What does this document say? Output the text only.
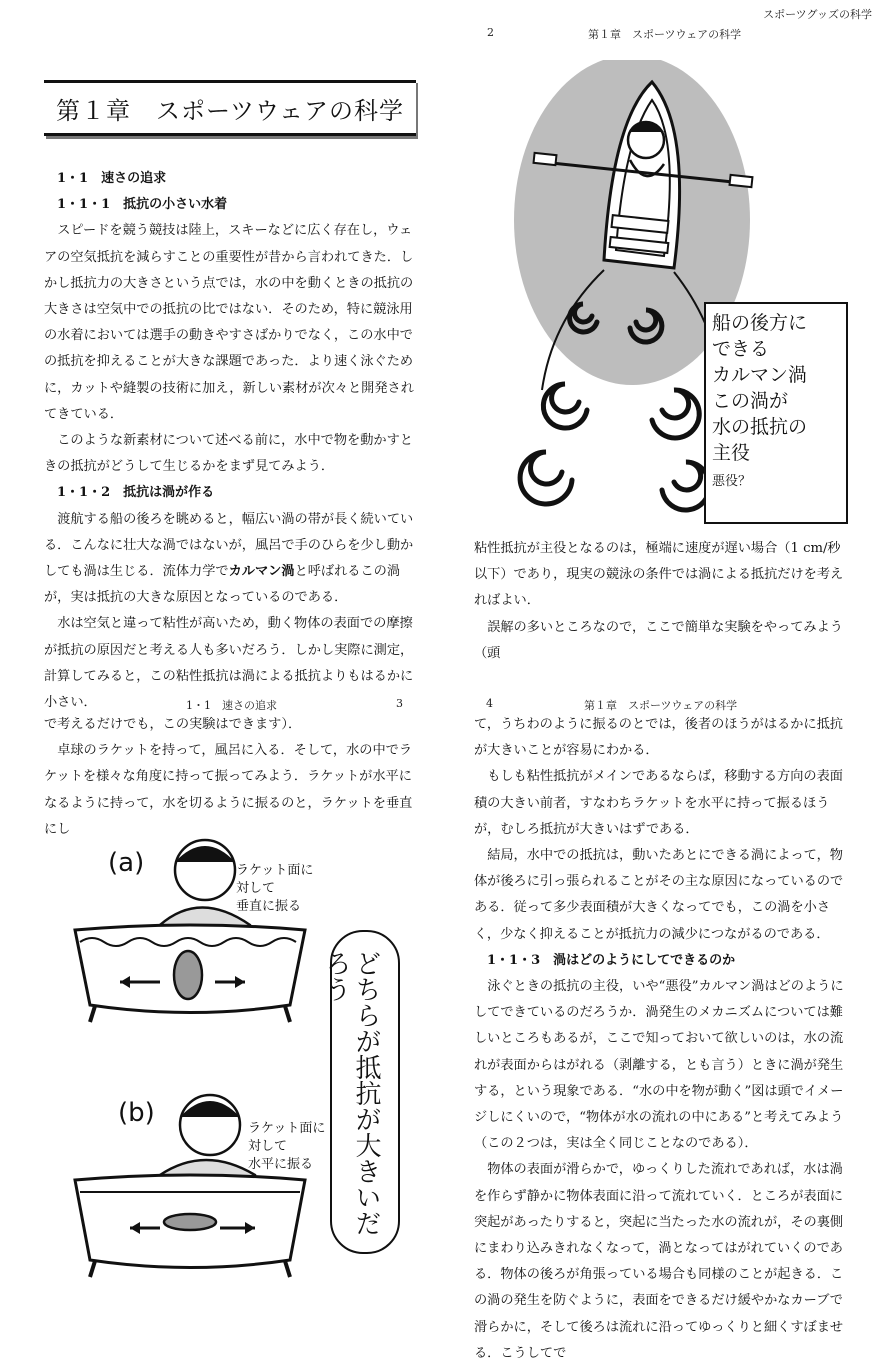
スポーツグッズの科学
第１章　スポーツウェアの科学
1・1　速さの追求
1・1・1　抵抗の小さい水着

スピードを競う競技は陸上，スキーなどに広く存在し，ウェアの空気抵抗を減らすことの重要性が昔から言われてきた．しかし抵抗力の大きさという点では，水の中を動くときの抵抗の大きさは空気中での抵抗の比ではない．そのため，特に競泳用の水着においては選手の動きやすさばかりでなく，この水中での抵抗を抑えることが大きな課題であった．より速く泳ぐために，カットや縫製の技術に加え，新しい素材が次々と開発されてきている．

このような新素材について述べる前に，水中で物を動かすときの抵抗がどうして生じるかをまず見てみよう．

1・1・2　抵抗は渦が作る

渡航する船の後ろを眺めると，幅広い渦の帯が長く続いている．こんなに壮大な渦ではないが，風呂で手のひらを少し動かしても渦は生じる．流体力学でカルマン渦と呼ばれるこの渦が，実は抵抗の大きな原因となっているのである．

水は空気と違って粘性が高いため，動く物体の表面での摩擦が抵抗の原因だと考える人も多いだろう．しかし実際に測定，計算してみると，この粘性抵抗は渦による抵抗よりもはるかに小さい．

2	第１章　スポーツウェアの科学
船の後方に
できる
カルマン渦
この渦が
水の抵抗の
主役
悪役？

粘性抵抗が主役となるのは，極端に速度が遅い場合（1 cm/秒以下）であり，現実の競泳の条件では渦による抵抗だけを考えればよい．

誤解の多いところなので，ここで簡単な実験をやってみよう（頭

1・1　速さの追求	3

で考えるだけでも，この実験はできます）．

卓球のラケットを持って，風呂に入る．そして，水の中でラケットを様々な角度に持って振ってみよう．ラケットが水平になるように持って，水を切るように振るのと，ラケットを垂直にし

(a)	ラケット面に
対して
垂直に振る
(b)
ラケット面に
対して
水平に振る
どちらが抵抗が大きいだろう
4	第１章　スポーツウェアの科学

て，うちわのように振るのとでは，後者のほうがはるかに抵抗が大きいことが容易にわかる．

もしも粘性抵抗がメインであるならば，移動する方向の表面積の大きい前者，すなわちラケットを水平に持って振るほうが，むしろ抵抗が大きいはずである．

結局，水中での抵抗は，動いたあとにできる渦によって，物体が後ろに引っ張られることがその主な原因になっているのである．従って多少表面積が大きくなってでも，この渦を小さく，少なく抑えることが抵抗力の減少につながるのである．

1・1・3　渦はどのようにしてできるのか

泳ぐときの抵抗の主役，いや“悪役”カルマン渦はどのようにしてできているのだろうか．渦発生のメカニズムについては難しいところもあるが，ここで知っておいて欲しいのは，水の流れが表面からはがれる（剥離する，とも言う）ときに渦が発生する，という現象である．“水の中を物が動く”図は頭でイメージしにくいので，“物体が水の流れの中にある”と考えてみよう（この２つは，実は全く同じことなのである）．

物体の表面が滑らかで，ゆっくりした流れであれば，水は渦を作らず静かに物体表面に沿って流れていく．ところが表面に突起があったりすると，突起に当たった水の流れが，その裏側にまわり込みきれなくなって，渦となってはがれていくのである．物体の後ろが角張っている場合も同様のことが起きる．この渦の発生を防ぐように，表面をできるだけ緩やかなカーブで滑らかに，そして後ろは流れに沿ってゆっくりと細くすぼませる．こうしてで
